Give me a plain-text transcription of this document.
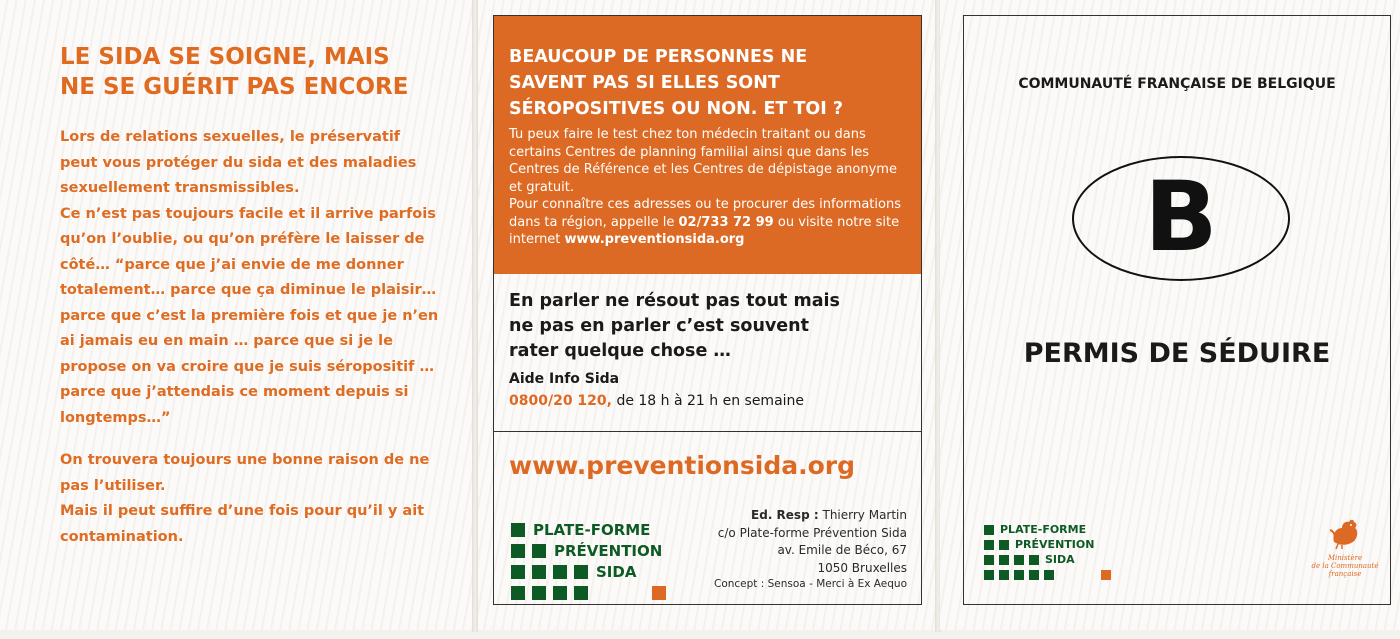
LE SIDA SE SOIGNE, MAIS
NE SE GUÉRIT PAS ENCORE

Lors de relations sexuelles, le préservatif peut vous protéger du sida et des maladies sexuellement transmissibles.

Ce n’est pas toujours facile et il arrive parfois qu’on l’oublie, ou qu’on préfère le laisser de côté… “parce que j’ai envie de me donner totalement… parce que ça diminue le plaisir… parce que c’est la première fois et que je n’en ai jamais eu en main … parce que si je le propose on va croire que je suis séropositif … parce que j’attendais ce moment depuis si longtemps…”

On trouvera toujours une bonne raison de ne pas l’utiliser.

Mais il peut suffire d’une fois pour qu’il y ait contamination.

BEAUCOUP DE PERSONNES NE
SAVENT PAS SI ELLES SONT
SÉROPOSITIVES OU NON. ET TOI ?
Tu peux faire le test chez ton médecin traitant ou dans certains Centres de planning familial ainsi que dans les Centres de Référence et les Centres de dépistage anonyme et gratuit.
Pour connaître ces adresses ou te procurer des informations dans ta région, appelle le 02/733 72 99 ou visite notre site internet www.preventionsida.org
En parler ne résout pas tout mais
ne pas en parler c’est souvent
rater quelque chose …
Aide Info Sida
0800/20 120, de 18 h à 21 h en semaine
www.preventionsida.org
PLATE-FORME
PRÉVENTION
SIDA
Ed. Resp : Thierry Martin
c/o Plate-forme Prévention Sida
av. Emile de Béco, 67
1050 Bruxelles
Concept : Sensoa - Merci à Ex Aequo
COMMUNAUTÉ FRANÇAISE DE BELGIQUE
B
PERMIS DE SÉDUIRE
PLATE-FORME
PRÉVENTION
SIDA	Ministère
de la Communauté
française
